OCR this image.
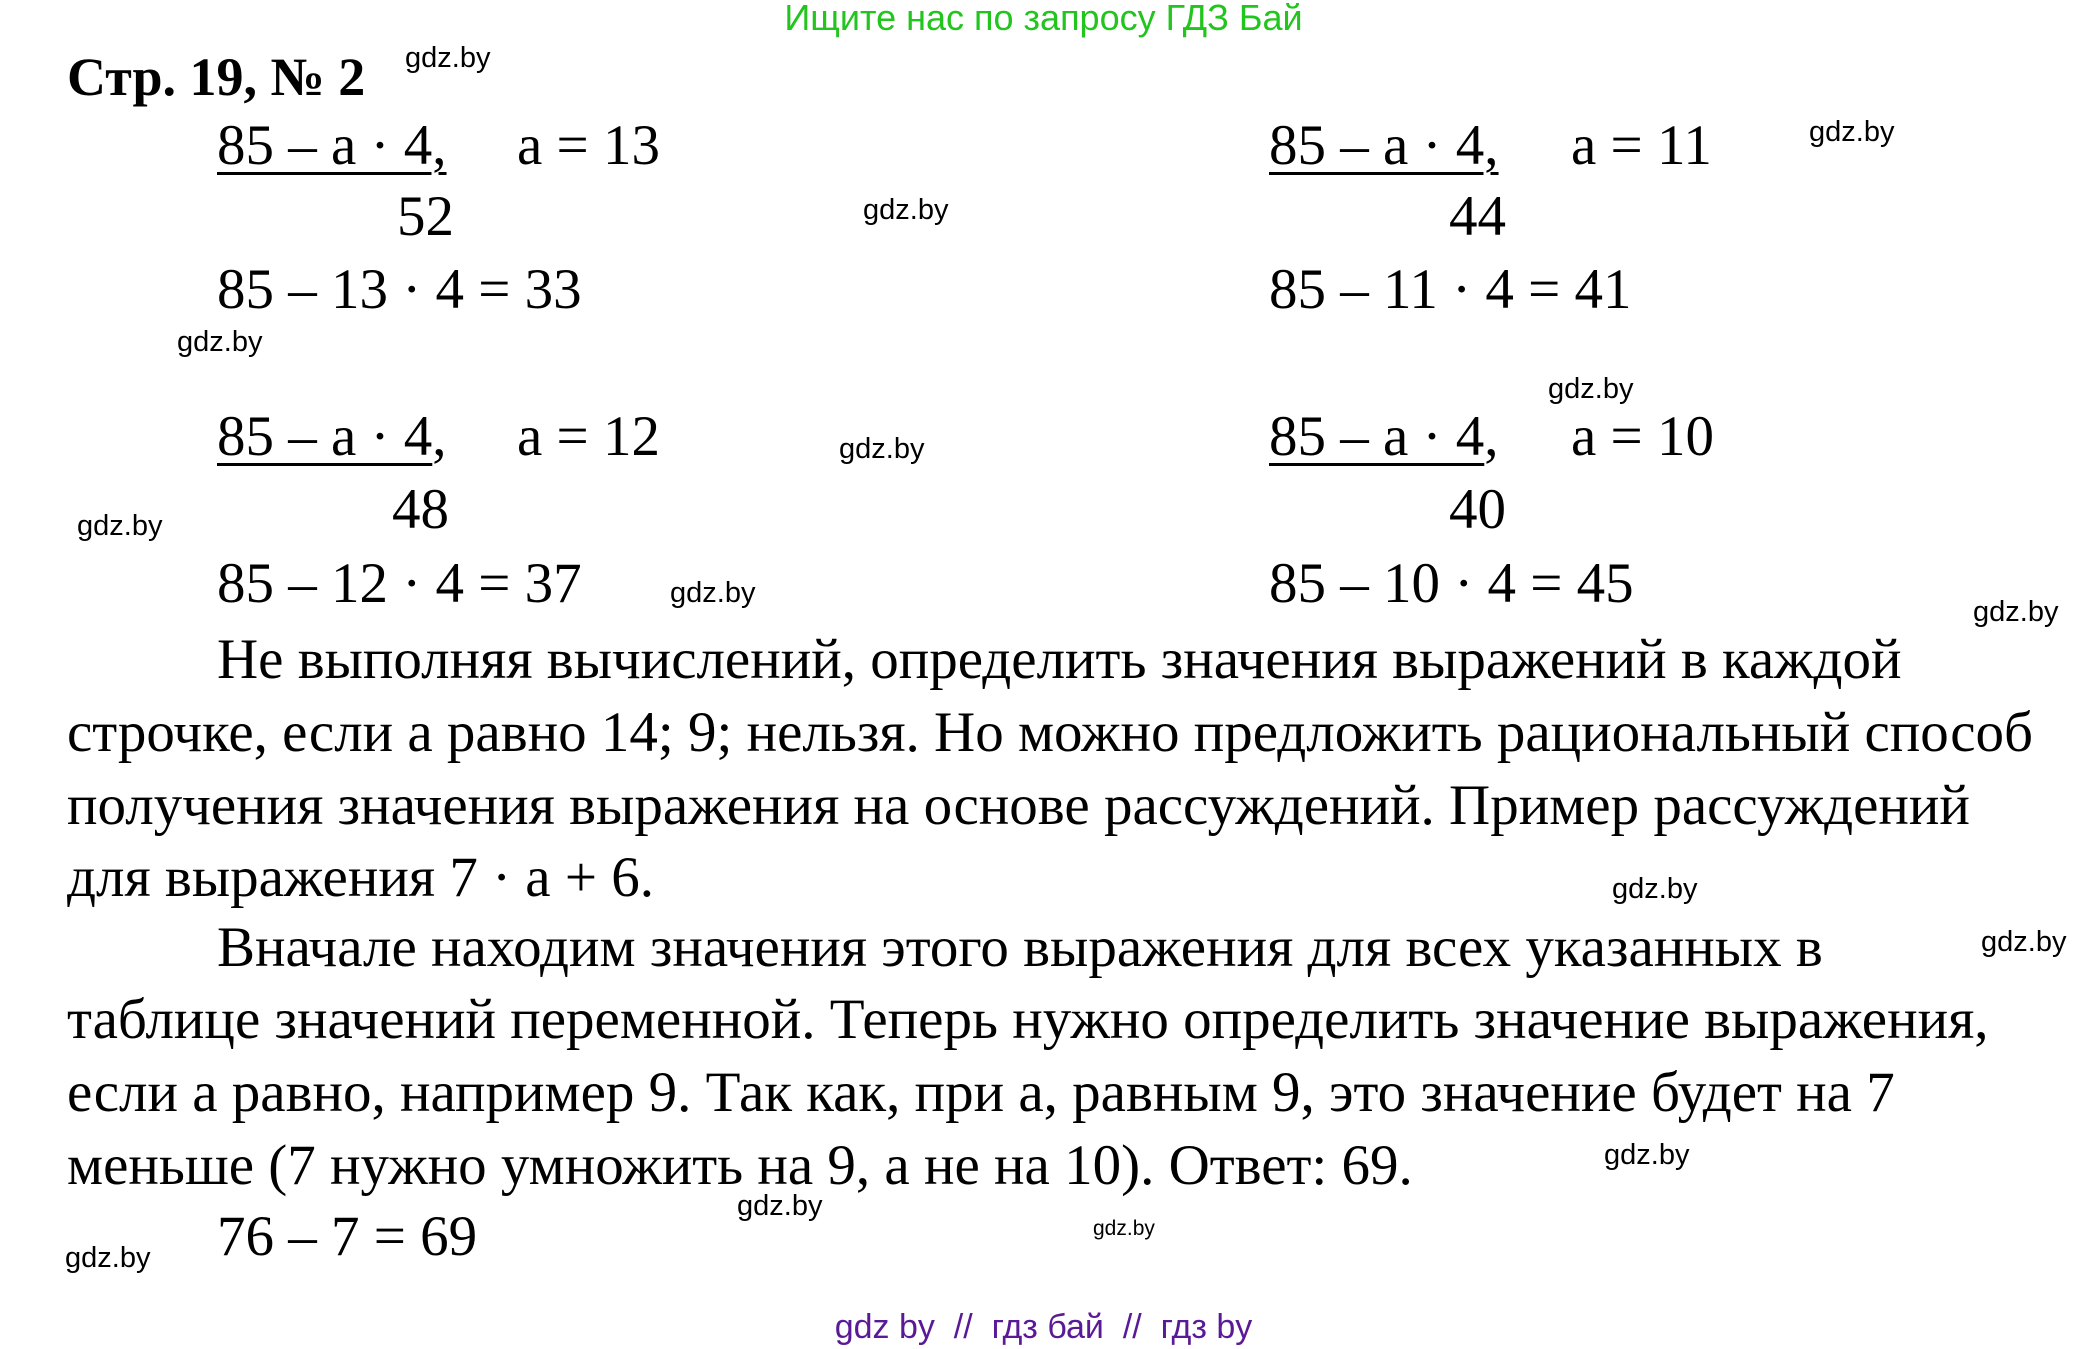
Ищите нас по запросу ГДЗ Бай
Стр. 19, № 2
85 – a · 4, a = 13
52
85 – 13 · 4 = 33
85 – a · 4, a = 11
44
85 – 11 · 4 = 41
85 – a · 4, a = 12
48
85 – 12 · 4 = 37
85 – a · 4, a = 10
40
85 – 10 · 4 = 45
Не выполняя вычислений, определить значения выражений в каждой
строчке, если а равно 14; 9; нельзя. Но можно предложить рациональный способ
получения значения выражения на основе рассуждений. Пример рассуждений
для выражения 7 · a + 6.
Вначале находим значения этого выражения для всех указанных в
таблице значений переменной. Теперь нужно определить значение выражения,
если а равно, например 9. Так как, при а, равным 9, это значение будет на 7
меньше (7 нужно умножить на 9, а не на 10). Ответ: 69.
76 – 7 = 69
gdz.by
gdz.by
gdz.by
gdz.by
gdz.by
gdz.by
gdz.by
gdz.by
gdz.by
gdz.by
gdz.by
gdz.by
gdz.by
gdz.by
gdz.by
gdz by  //  гдз бай  //  гдз by
